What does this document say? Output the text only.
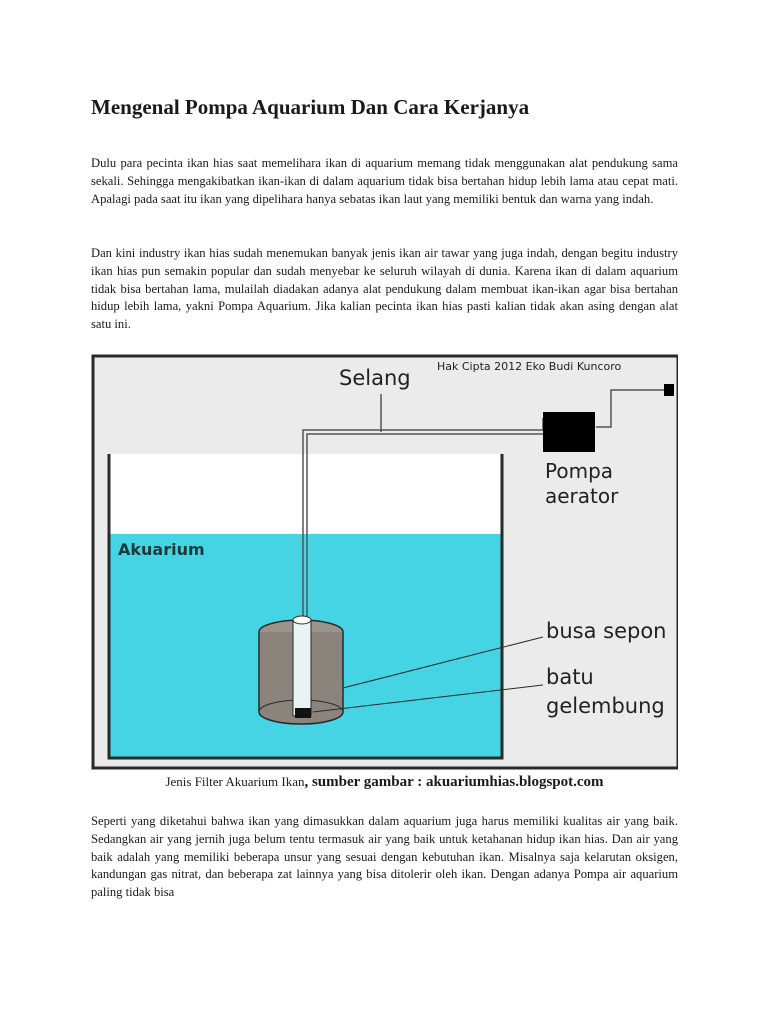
Mengenal Pompa Aquarium Dan Cara Kerjanya

Dulu para pecinta ikan hias saat memelihara ikan di aquarium memang tidak menggunakan alat pendukung sama sekali. Sehingga mengakibatkan ikan-ikan di dalam aquarium tidak bisa bertahan hidup lebih lama atau cepat mati. Apalagi pada saat itu ikan yang dipelihara hanya sebatas ikan laut yang memiliki bentuk dan warna yang indah.

Dan kini industry ikan hias sudah menemukan banyak jenis ikan air tawar yang juga indah, dengan begitu industry ikan hias pun semakin popular dan sudah menyebar ke seluruh wilayah di dunia. Karena ikan di dalam aquarium tidak bisa bertahan lama, mulailah diadakan adanya alat pendukung dalam membuat ikan-ikan agar bisa bertahan hidup lebih lama, yakni Pompa Aquarium. Jika kalian pecinta ikan hias pasti kalian tidak akan asing dengan alat satu ini.

Hak Cipta 2012 Eko Budi Kuncoro
Selang
Pompa
aerator
Akuarium
busa sepon
batu
gelembung
Jenis Filter Akuarium Ikan, sumber gambar : akuariumhias.blogspot.com

Seperti yang diketahui bahwa ikan yang dimasukkan dalam aquarium juga harus memiliki kualitas air yang baik. Sedangkan air yang jernih juga belum tentu termasuk air yang baik untuk ketahanan hidup ikan hias. Dan air yang baik adalah yang memiliki beberapa unsur yang sesuai dengan kebutuhan ikan. Misalnya saja kelarutan oksigen, kandungan gas nitrat, dan beberapa zat lainnya yang bisa ditolerir oleh ikan. Dengan adanya Pompa air aquarium paling tidak bisa
